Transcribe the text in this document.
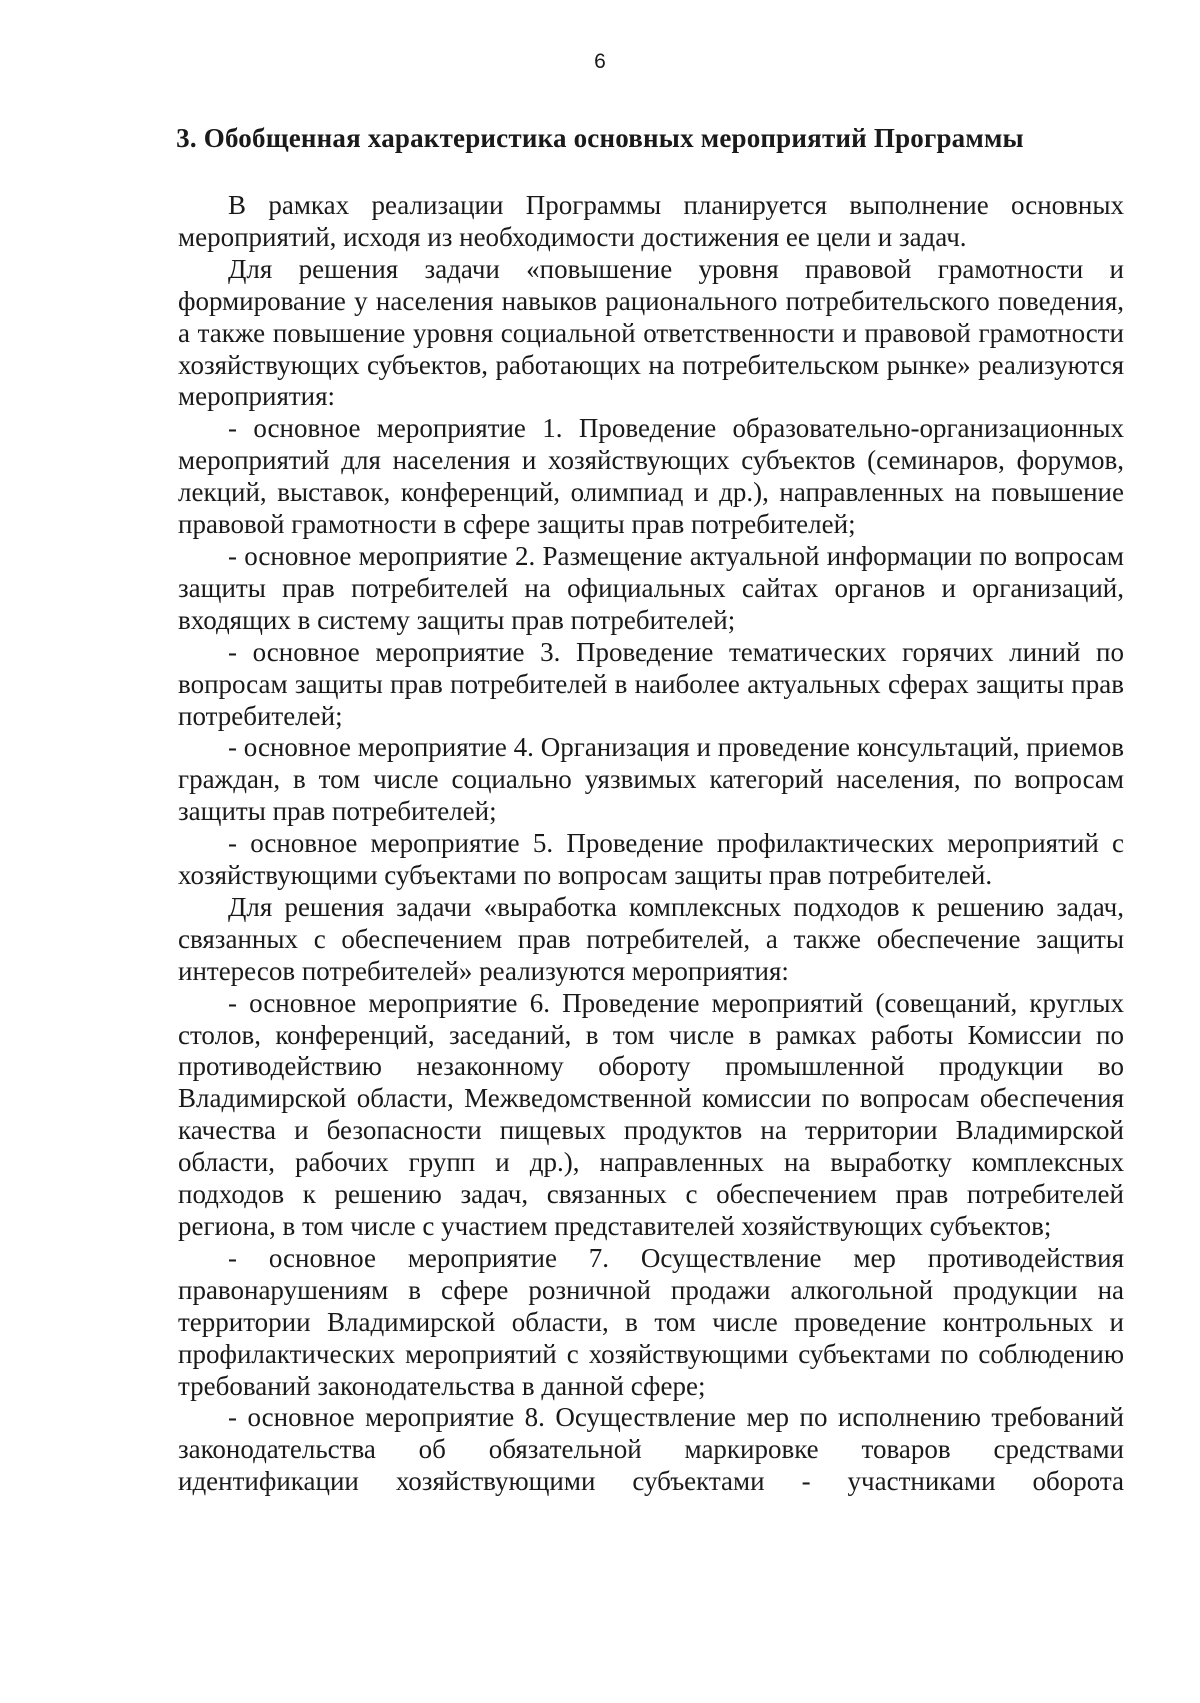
6
3. Обобщенная характеристика основных мероприятий Программы

В рамках реализации Программы планируется выполнение основных мероприятий, исходя из необходимости достижения ее цели и задач.

Для решения задачи «повышение уровня правовой грамотности и формирование у населения навыков рационального потребительского поведения, а также повышение уровня социальной ответственности и правовой грамотности хозяйствующих субъектов, работающих на потребительском рынке» реализуются мероприятия:

- основное мероприятие 1. Проведение образовательно-организационных мероприятий для населения и хозяйствующих субъектов (семинаров, форумов, лекций, выставок, конференций, олимпиад и др.), направленных на повышение правовой грамотности в сфере защиты прав потребителей;

- основное мероприятие 2. Размещение актуальной информации по вопросам защиты прав потребителей на официальных сайтах органов и организаций, входящих в систему защиты прав потребителей;

- основное мероприятие 3. Проведение тематических горячих линий по вопросам защиты прав потребителей в наиболее актуальных сферах защиты прав потребителей;

- основное мероприятие 4. Организация и проведение консультаций, приемов граждан, в том числе социально уязвимых категорий населения, по вопросам защиты прав потребителей;

- основное мероприятие 5. Проведение профилактических мероприятий с хозяйствующими субъектами по вопросам защиты прав потребителей.

Для решения задачи «выработка комплексных подходов к решению задач, связанных с обеспечением прав потребителей, а также обеспечение защиты интересов потребителей» реализуются мероприятия:

- основное мероприятие 6. Проведение мероприятий (совещаний, круглых столов, конференций, заседаний, в том числе в рамках работы Комиссии по противодействию незаконному обороту промышленной продукции во Владимирской области, Межведомственной комиссии по вопросам обеспечения качества и безопасности пищевых продуктов на территории Владимирской области, рабочих групп и др.), направленных на выработку комплексных подходов к решению задач, связанных с обеспечением прав потребителей региона, в том числе с участием представителей хозяйствующих субъектов;

- основное мероприятие 7. Осуществление мер противодействия правонарушениям в сфере розничной продажи алкогольной продукции на территории Владимирской области, в том числе проведение контрольных и профилактических мероприятий с хозяйствующими субъектами по соблюдению требований законодательства в данной сфере;

- основное мероприятие 8. Осуществление мер по исполнению требований законодательства об обязательной маркировке товаров средствами идентификации хозяйствующими субъектами - участниками оборота
